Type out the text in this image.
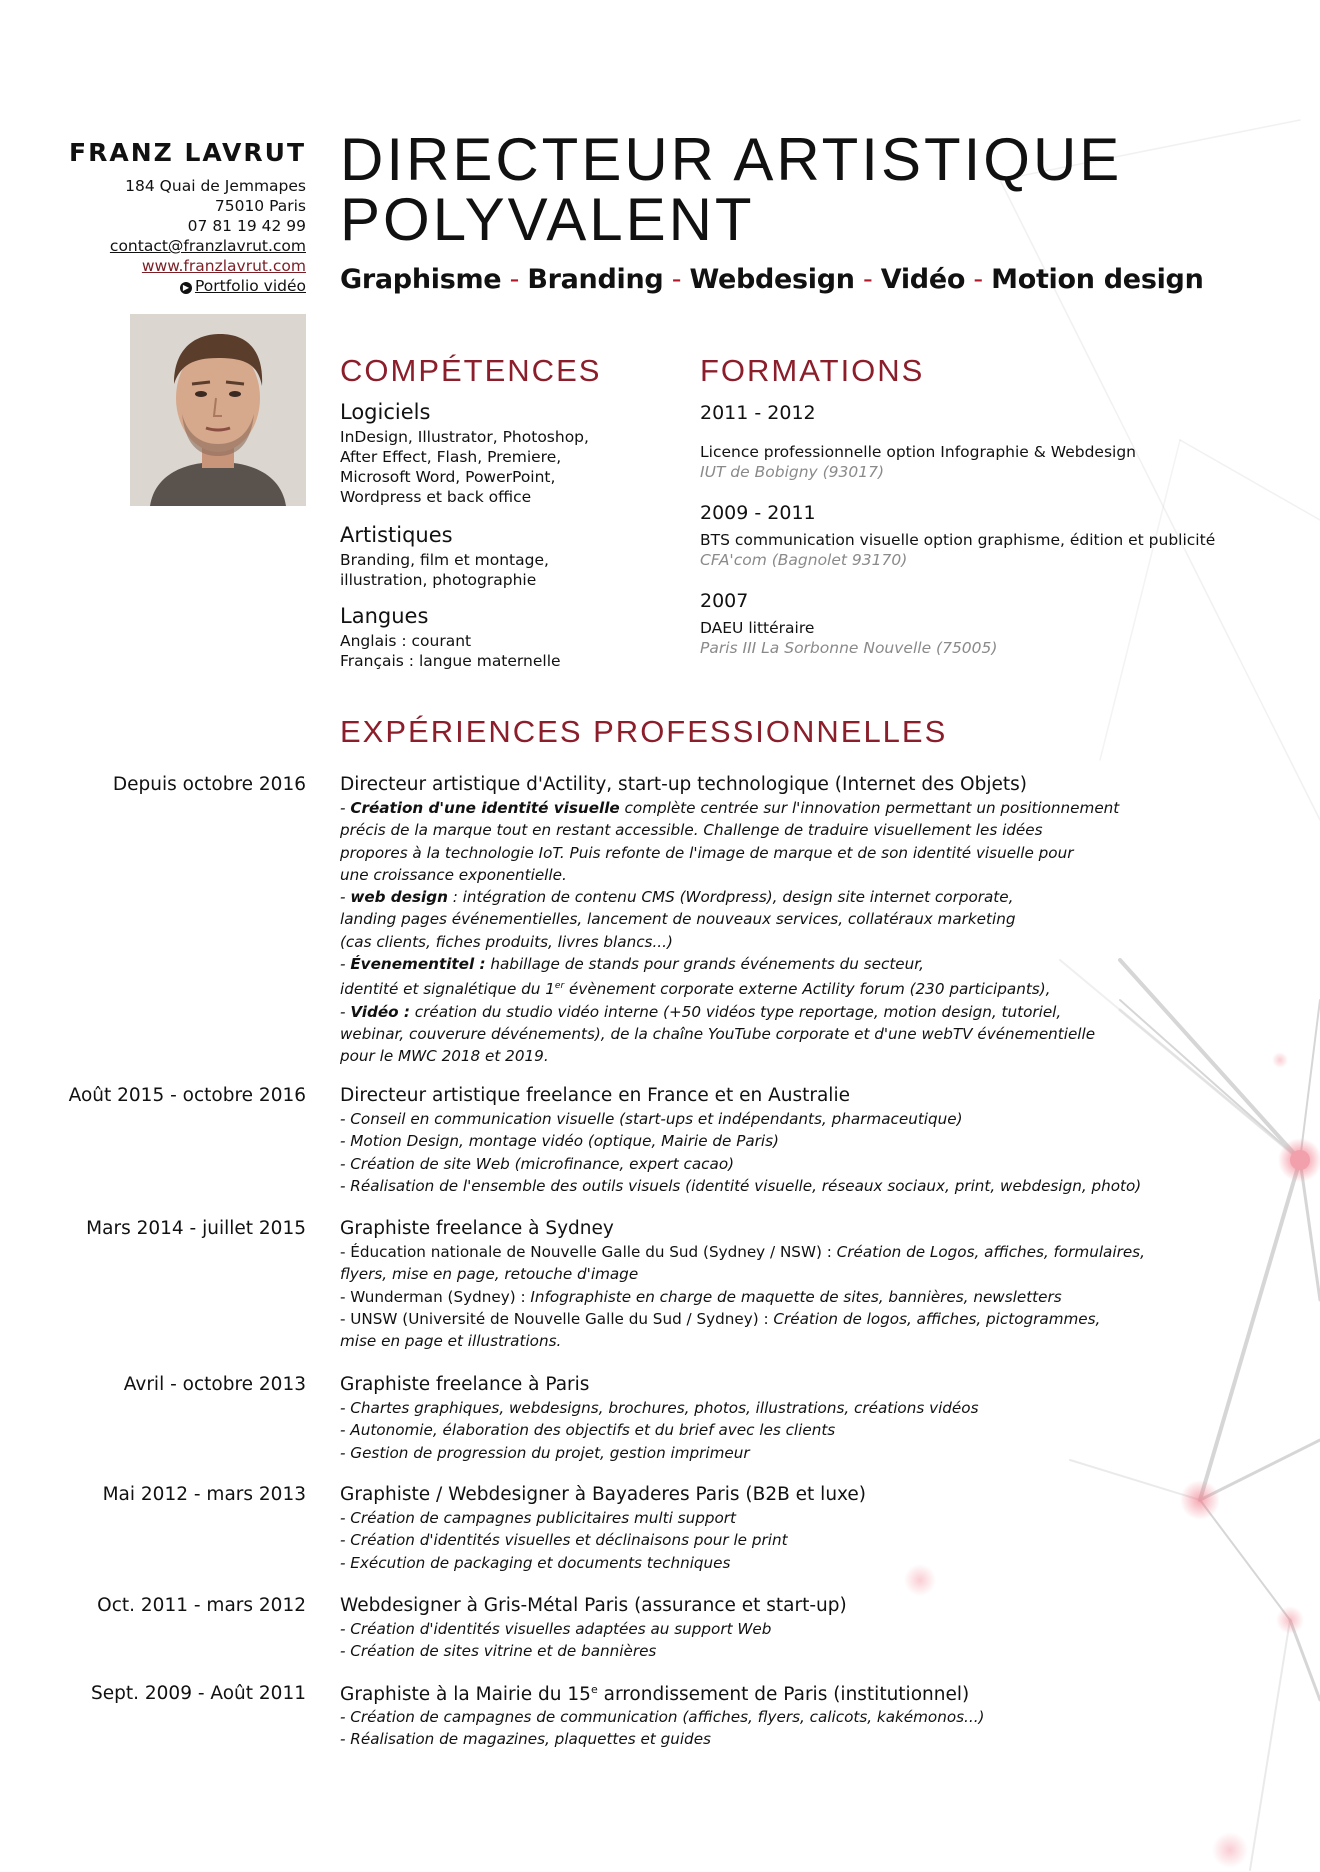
FRANZ LAVRUT
184 Quai de Jemmapes
75010 Paris
07 81 19 42 99
contact@franzlavrut.com
www.franzlavrut.com
▶ Portfolio vidéo
DIRECTEUR ARTISTIQUE
POLYVALENT
Graphisme - Branding - Webdesign - Vidéo - Motion design
COMPÉTENCES
Logiciels
InDesign, Illustrator, Photoshop,
After Effect, Flash, Premiere,
Microsoft Word, PowerPoint,
Wordpress et back office
Artistiques
Branding, film et montage,
illustration, photographie
Langues
Anglais : courant
Français : langue maternelle
FORMATIONS
2011 - 2012
Licence professionnelle option Infographie & Webdesign
IUT de Bobigny (93017)
2009 - 2011
BTS communication visuelle option graphisme, édition et publicité
CFA'com (Bagnolet 93170)
2007
DAEU littéraire
Paris III La Sorbonne Nouvelle (75005)
EXPÉRIENCES PROFESSIONNELLES
Depuis octobre 2016 Directeur artistique d'Actility, start-up technologique (Internet des Objets)
- Création d'une identité visuelle complète centrée sur l'innovation permettant un positionnement
précis de la marque tout en restant accessible. Challenge de traduire visuellement les idées
propores à la technologie IoT. Puis refonte de l'image de marque et de son identité visuelle pour
une croissance exponentielle.
- web design : intégration de contenu CMS (Wordpress), design site internet corporate,
landing pages événementielles, lancement de nouveaux services, collatéraux marketing
(cas clients, fiches produits, livres blancs...)
- Évenementitel : habillage de stands pour grands événements du secteur,
identité et signalétique du 1er évènement corporate externe Actility forum (230 participants),
- Vidéo : création du studio vidéo interne (+50 vidéos type reportage, motion design, tutoriel,
webinar, couverure dévénements), de la chaîne YouTube corporate et d'une webTV événementielle
pour le MWC 2018 et 2019.
Août 2015 - octobre 2016 Directeur artistique freelance en France et en Australie
- Conseil en communication visuelle (start-ups et indépendants, pharmaceutique)
- Motion Design, montage vidéo (optique, Mairie de Paris)
- Création de site Web (microfinance, expert cacao)
- Réalisation de l'ensemble des outils visuels (identité visuelle, réseaux sociaux, print, webdesign, photo)
Mars 2014 - juillet 2015 Graphiste freelance à Sydney
- Éducation nationale de Nouvelle Galle du Sud (Sydney / NSW) : Création de Logos, affiches, formulaires,
flyers, mise en page, retouche d'image
- Wunderman (Sydney) : Infographiste en charge de maquette de sites, bannières, newsletters
- UNSW (Université de Nouvelle Galle du Sud / Sydney) : Création de logos, affiches, pictogrammes,
mise en page et illustrations.
Avril - octobre 2013 Graphiste freelance à Paris
- Chartes graphiques, webdesigns, brochures, photos, illustrations, créations vidéos
- Autonomie, élaboration des objectifs et du brief avec les clients
- Gestion de progression du projet, gestion imprimeur
Mai 2012 - mars 2013 Graphiste / Webdesigner à Bayaderes Paris (B2B et luxe)
- Création de campagnes publicitaires multi support
- Création d'identités visuelles et déclinaisons pour le print
- Exécution de packaging et documents techniques
Oct. 2011 - mars 2012 Webdesigner à Gris-Métal Paris (assurance et start-up)
- Création d'identités visuelles adaptées au support Web
- Création de sites vitrine et de bannières
Sept. 2009 - Août 2011 Graphiste à la Mairie du 15e arrondissement de Paris (institutionnel)
- Création de campagnes de communication (affiches, flyers, calicots, kakémonos...)
- Réalisation de magazines, plaquettes et guides
